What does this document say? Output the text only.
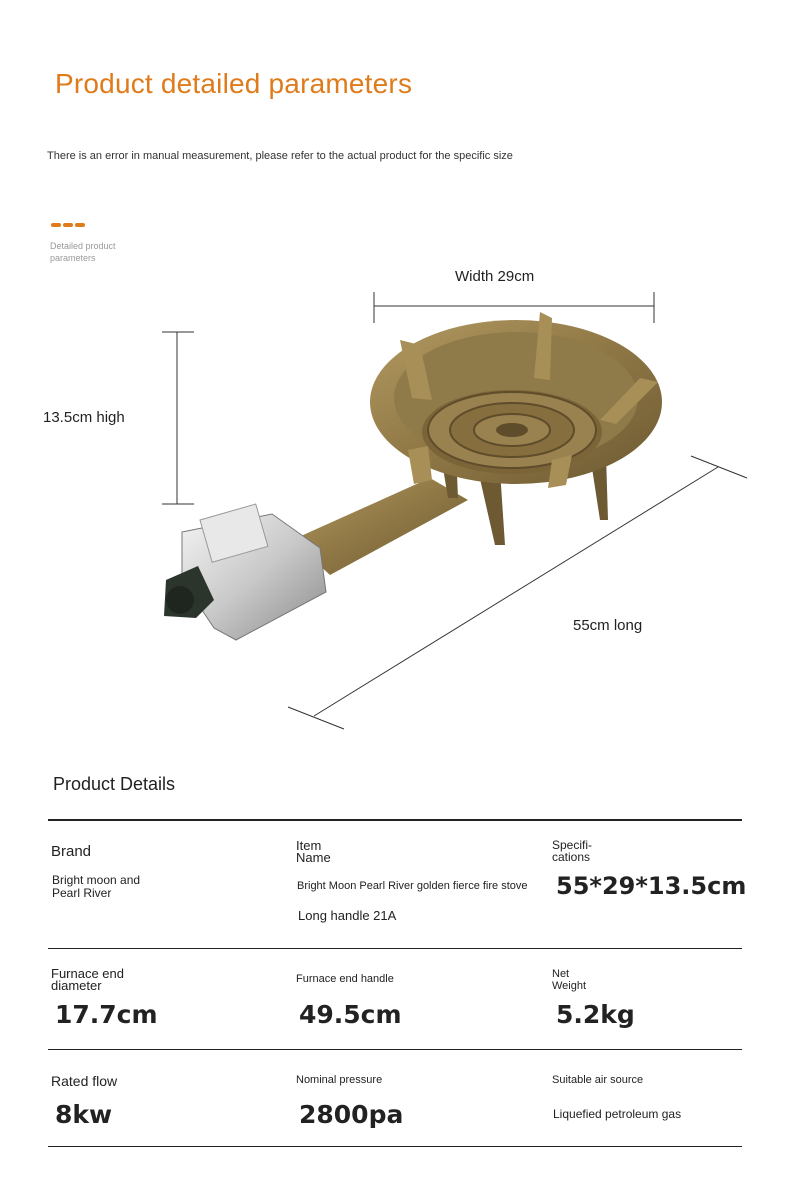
Product detailed parameters
There is an error in manual measurement, please refer to the actual product for the specific size
Detailed product parameters
Width 29cm
13.5cm high
55cm long
Product Details
Brand
Bright moon and Pearl River
Item Name
Bright Moon Pearl River golden fierce fire stove
Long handle 21A
Specifi- cations
55*29*13.5cm
Furnace end diameter
17.7cm
Furnace end handle
49.5cm
Net Weight
5.2kg
Rated flow
8kw
Nominal pressure
2800pa
Suitable air source
Liquefied petroleum gas
